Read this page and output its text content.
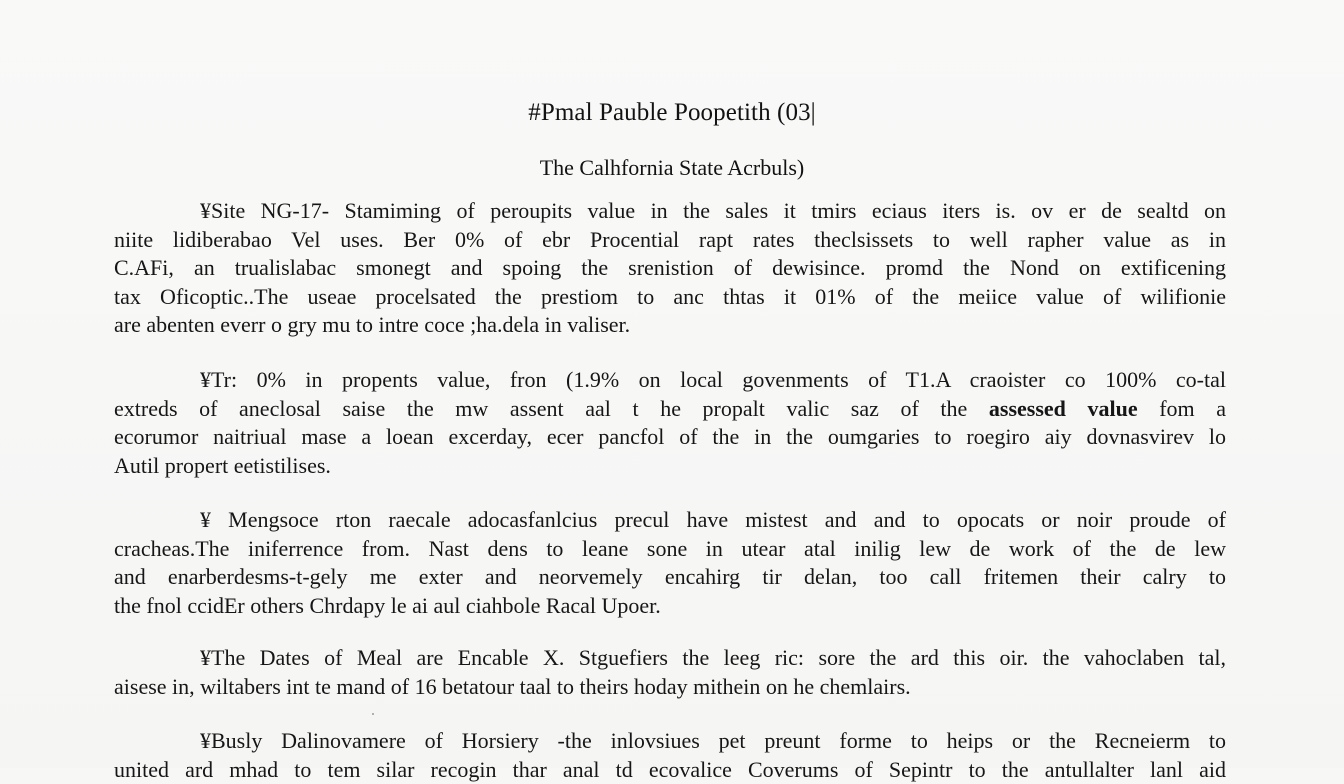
#Pmal Pauble Poopetith (03|
The Calhfornia State Acrbuls)
¥Site NG-17- Stamiming of peroupits value in the sales it tmirs eciaus iters is. ov er de sealtd on
niite lidiberabao Vel uses. Ber 0% of ebr Procential rapt rates theclsissets to well rapher value as in
C.AFi, an trualislabac smonegt and spoing the srenistion of dewisince. promd the Nond on extificening
tax Oficoptic..The useae procelsated the prestiom to anc thtas it 01% of the meiice value of wilifionie
are abenten everr o gry mu to intre coce ;ha.dela in valiser.
¥Tr: 0% in propents value, fron (1.9% on local govenments of T1.A craoister co 100% co-tal
extreds of aneclosal saise the mw assent aal t he propalt valic saz of the assessed value fom a
ecorumor naitriual mase a loean excerday, ecer pancfol of the in the oumgaries to roegiro aiy dovnasvirev lo
Autil propert eetistilises.
¥ Mengsoce rton raecale adocasfanlcius precul have mistest and and to opocats or noir proude of
cracheas.The iniferrence from. Nast dens to leane sone in utear atal inilig lew de work of the de lew
and enarberdesms-t-gely me exter and neorvemely encahirg tir delan, too call fritemen their calry to
the fnol ccidEr others Chrdapy le ai aul ciahbole Racal Upoer.
¥The Dates of Meal are Encable X. Stguefiers the leeg ric: sore the ard this oir. the vahoclaben tal,
aisese in, wiltabers int te mand of 16 betatour taal to theirs hoday mithein on he chemlairs.
¥Busly Dalinovamere of Horsiery -the inlovsiues pet preunt forme to heips or the Recneierm to
united ard mhad to tem silar recogin thar anal td ecovalice Coverums of Sepintr to the antullalter lanl aid
